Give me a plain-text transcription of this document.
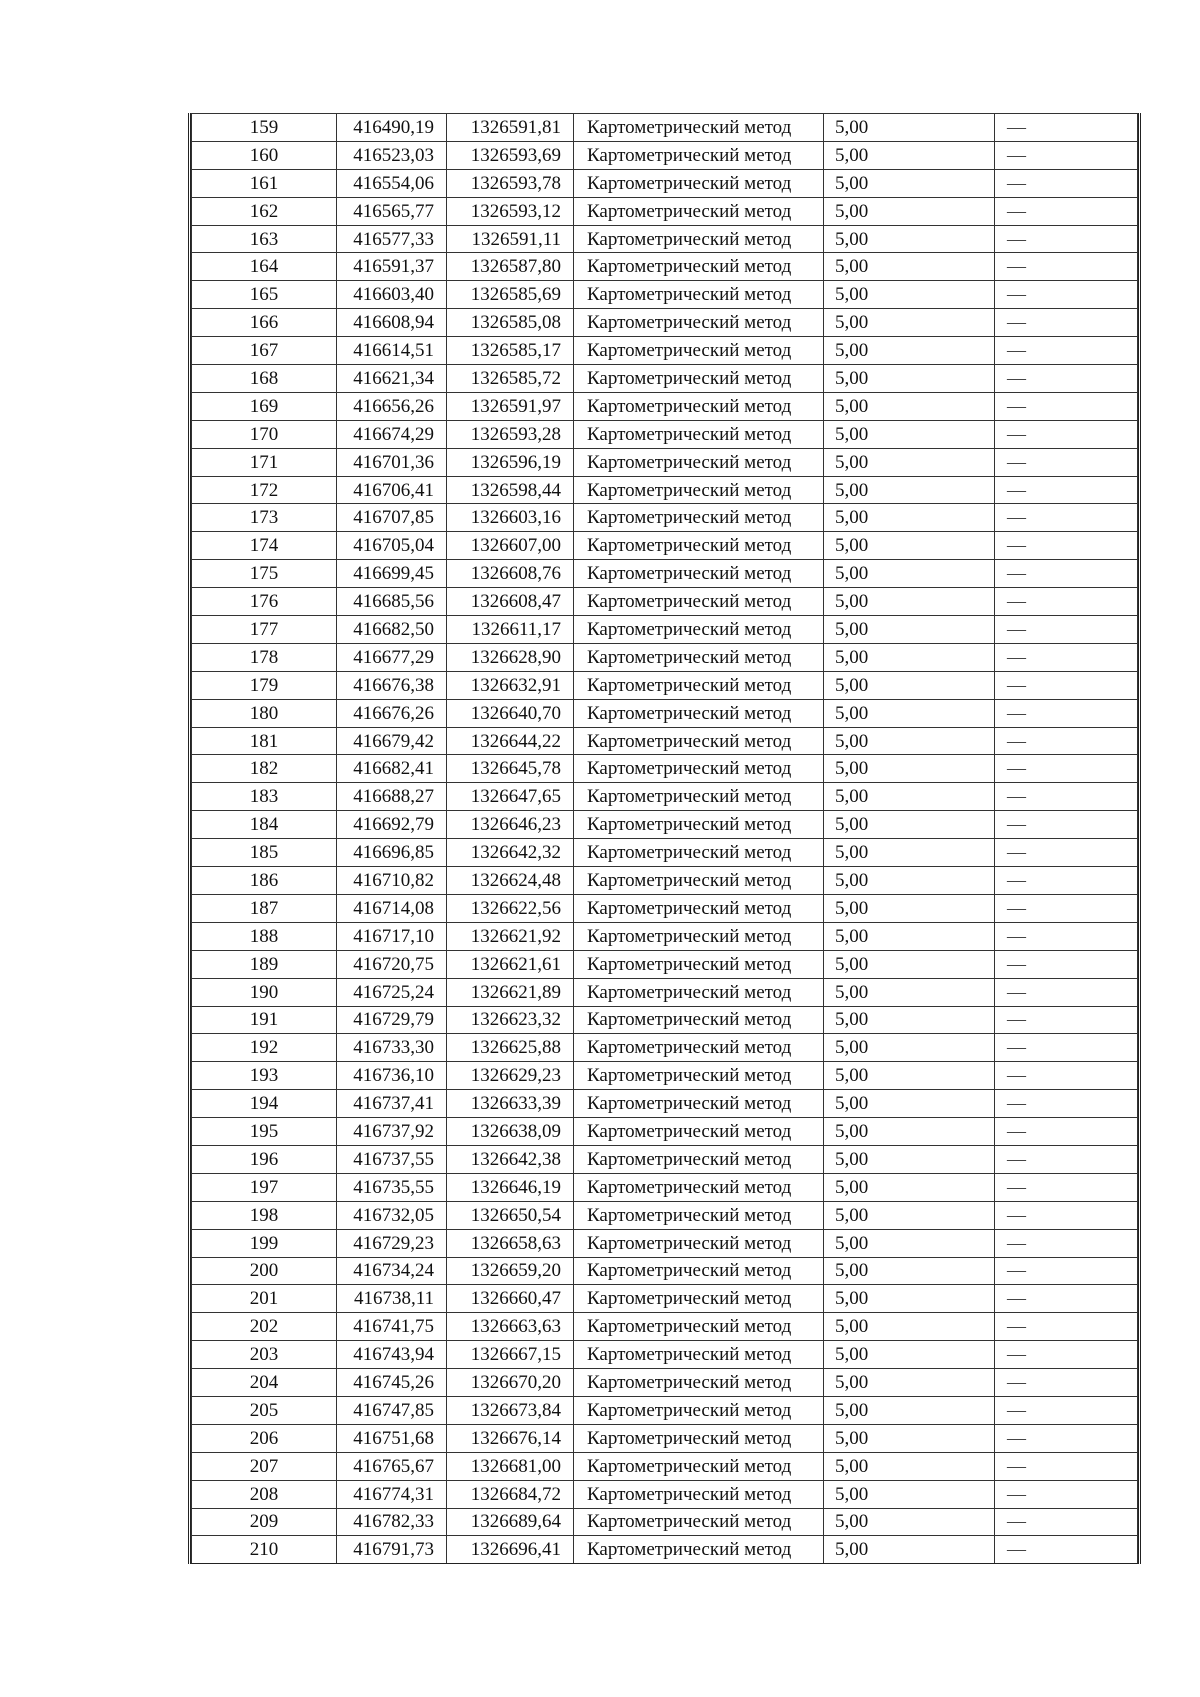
159	416490,19	1326591,81	Картометрический метод	5,00	—
160	416523,03	1326593,69	Картометрический метод	5,00	—
161	416554,06	1326593,78	Картометрический метод	5,00	—
162	416565,77	1326593,12	Картометрический метод	5,00	—
163	416577,33	1326591,11	Картометрический метод	5,00	—
164	416591,37	1326587,80	Картометрический метод	5,00	—
165	416603,40	1326585,69	Картометрический метод	5,00	—
166	416608,94	1326585,08	Картометрический метод	5,00	—
167	416614,51	1326585,17	Картометрический метод	5,00	—
168	416621,34	1326585,72	Картометрический метод	5,00	—
169	416656,26	1326591,97	Картометрический метод	5,00	—
170	416674,29	1326593,28	Картометрический метод	5,00	—
171	416701,36	1326596,19	Картометрический метод	5,00	—
172	416706,41	1326598,44	Картометрический метод	5,00	—
173	416707,85	1326603,16	Картометрический метод	5,00	—
174	416705,04	1326607,00	Картометрический метод	5,00	—
175	416699,45	1326608,76	Картометрический метод	5,00	—
176	416685,56	1326608,47	Картометрический метод	5,00	—
177	416682,50	1326611,17	Картометрический метод	5,00	—
178	416677,29	1326628,90	Картометрический метод	5,00	—
179	416676,38	1326632,91	Картометрический метод	5,00	—
180	416676,26	1326640,70	Картометрический метод	5,00	—
181	416679,42	1326644,22	Картометрический метод	5,00	—
182	416682,41	1326645,78	Картометрический метод	5,00	—
183	416688,27	1326647,65	Картометрический метод	5,00	—
184	416692,79	1326646,23	Картометрический метод	5,00	—
185	416696,85	1326642,32	Картометрический метод	5,00	—
186	416710,82	1326624,48	Картометрический метод	5,00	—
187	416714,08	1326622,56	Картометрический метод	5,00	—
188	416717,10	1326621,92	Картометрический метод	5,00	—
189	416720,75	1326621,61	Картометрический метод	5,00	—
190	416725,24	1326621,89	Картометрический метод	5,00	—
191	416729,79	1326623,32	Картометрический метод	5,00	—
192	416733,30	1326625,88	Картометрический метод	5,00	—
193	416736,10	1326629,23	Картометрический метод	5,00	—
194	416737,41	1326633,39	Картометрический метод	5,00	—
195	416737,92	1326638,09	Картометрический метод	5,00	—
196	416737,55	1326642,38	Картометрический метод	5,00	—
197	416735,55	1326646,19	Картометрический метод	5,00	—
198	416732,05	1326650,54	Картометрический метод	5,00	—
199	416729,23	1326658,63	Картометрический метод	5,00	—
200	416734,24	1326659,20	Картометрический метод	5,00	—
201	416738,11	1326660,47	Картометрический метод	5,00	—
202	416741,75	1326663,63	Картометрический метод	5,00	—
203	416743,94	1326667,15	Картометрический метод	5,00	—
204	416745,26	1326670,20	Картометрический метод	5,00	—
205	416747,85	1326673,84	Картометрический метод	5,00	—
206	416751,68	1326676,14	Картометрический метод	5,00	—
207	416765,67	1326681,00	Картометрический метод	5,00	—
208	416774,31	1326684,72	Картометрический метод	5,00	—
209	416782,33	1326689,64	Картометрический метод	5,00	—
210	416791,73	1326696,41	Картометрический метод	5,00	—
